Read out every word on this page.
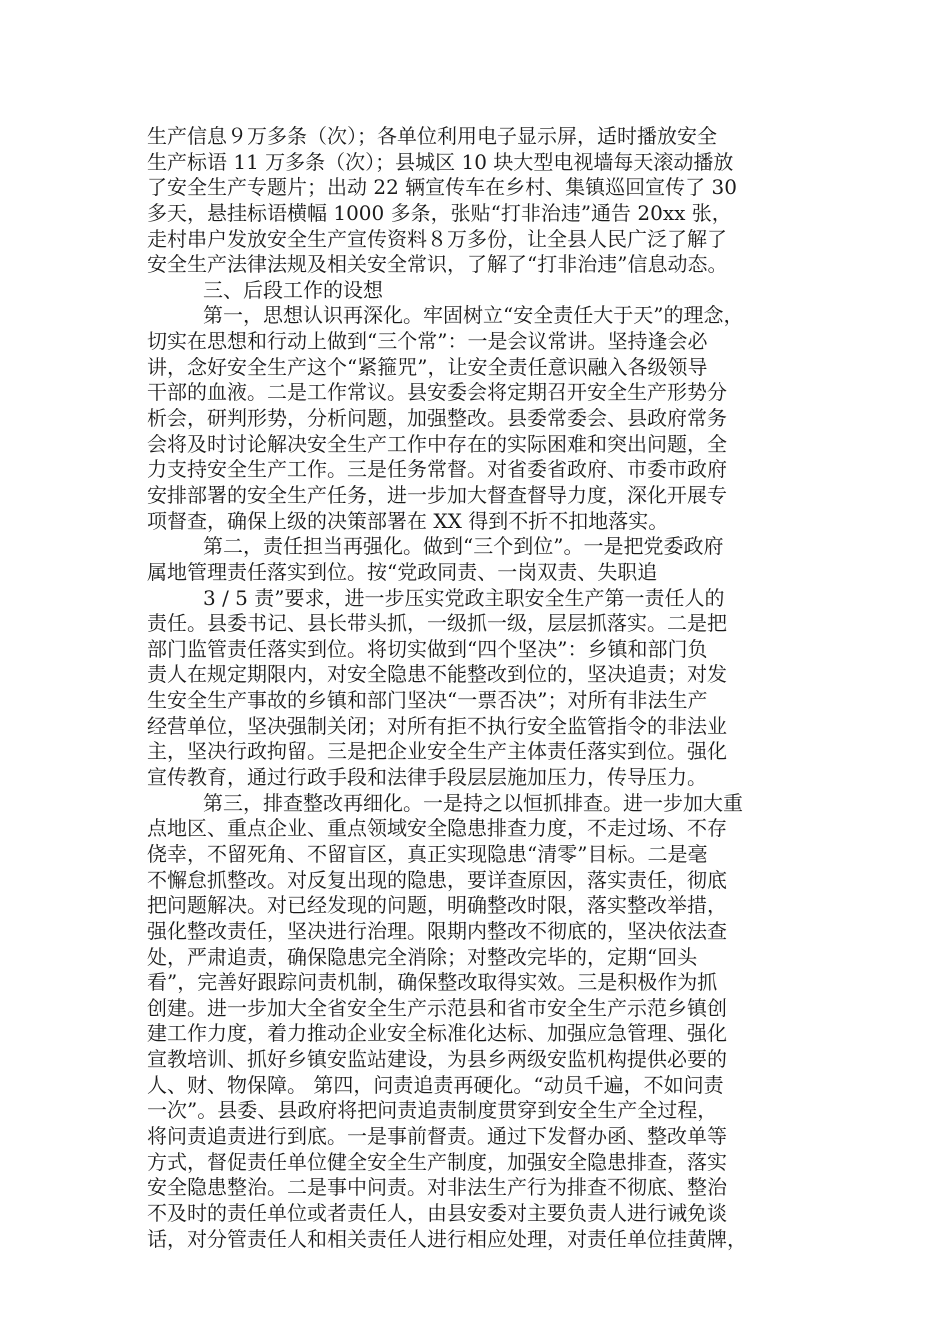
生产信息９万多条（次）；各单位利用电子显示屏，适时播放安全
生产标语 11 万多条（次）；县城区 10 块大型电视墙每天滚动播放
了安全生产专题片；出动 22 辆宣传车在乡村、集镇巡回宣传了 30
多天，悬挂标语横幅 1000 多条，张贴“打非治违”通告 20xx 张，
走村串户发放安全生产宣传资料８万多份，让全县人民广泛了解了
安全生产法律法规及相关安全常识，了解了“打非治违”信息动态。
三、后段工作的设想
第一，思想认识再深化。牢固树立“安全责任大于天”的理念，
切实在思想和行动上做到“三个常”：一是会议常讲。坚持逢会必
讲，念好安全生产这个“紧箍咒”，让安全责任意识融入各级领导
干部的血液。二是工作常议。县安委会将定期召开安全生产形势分
析会，研判形势，分析问题，加强整改。县委常委会、县政府常务
会将及时讨论解决安全生产工作中存在的实际困难和突出问题，全
力支持安全生产工作。三是任务常督。对省委省政府、市委市政府
安排部署的安全生产任务，进一步加大督查督导力度，深化开展专
项督查，确保上级的决策部署在 XX 得到不折不扣地落实。
第二，责任担当再强化。做到“三个到位”。一是把党委政府
属地管理责任落实到位。按“党政同责、一岗双责、失职追
3 / 5 责”要求，进一步压实党政主职安全生产第一责任人的
责任。县委书记、县长带头抓，一级抓一级，层层抓落实。二是把
部门监管责任落实到位。将切实做到“四个坚决”：乡镇和部门负
责人在规定期限内，对安全隐患不能整改到位的，坚决追责；对发
生安全生产事故的乡镇和部门坚决“一票否决”；对所有非法生产
经营单位，坚决强制关闭；对所有拒不执行安全监管指令的非法业
主，坚决行政拘留。三是把企业安全生产主体责任落实到位。强化
宣传教育，通过行政手段和法律手段层层施加压力，传导压力。
第三，排查整改再细化。一是持之以恒抓排查。进一步加大重
点地区、重点企业、重点领域安全隐患排查力度，不走过场、不存
侥幸，不留死角、不留盲区，真正实现隐患“清零”目标。二是毫
不懈怠抓整改。对反复出现的隐患，要详查原因，落实责任，彻底
把问题解决。对已经发现的问题，明确整改时限，落实整改举措，
强化整改责任，坚决进行治理。限期内整改不彻底的，坚决依法查
处，严肃追责，确保隐患完全消除；对整改完毕的，定期“回头
看”，完善好跟踪问责机制，确保整改取得实效。三是积极作为抓
创建。进一步加大全省安全生产示范县和省市安全生产示范乡镇创
建工作力度，着力推动企业安全标准化达标、加强应急管理、强化
宣教培训、抓好乡镇安监站建设，为县乡两级安监机构提供必要的
人、财、物保障。 第四，问责追责再硬化。“动员千遍，不如问责
一次”。县委、县政府将把问责追责制度贯穿到安全生产全过程，
将问责追责进行到底。一是事前督责。通过下发督办函、整改单等
方式，督促责任单位健全安全生产制度，加强安全隐患排查，落实
安全隐患整治。二是事中问责。对非法生产行为排查不彻底、整治
不及时的责任单位或者责任人，由县安委对主要负责人进行诫免谈
话，对分管责任人和相关责任人进行相应处理，对责任单位挂黄牌，
